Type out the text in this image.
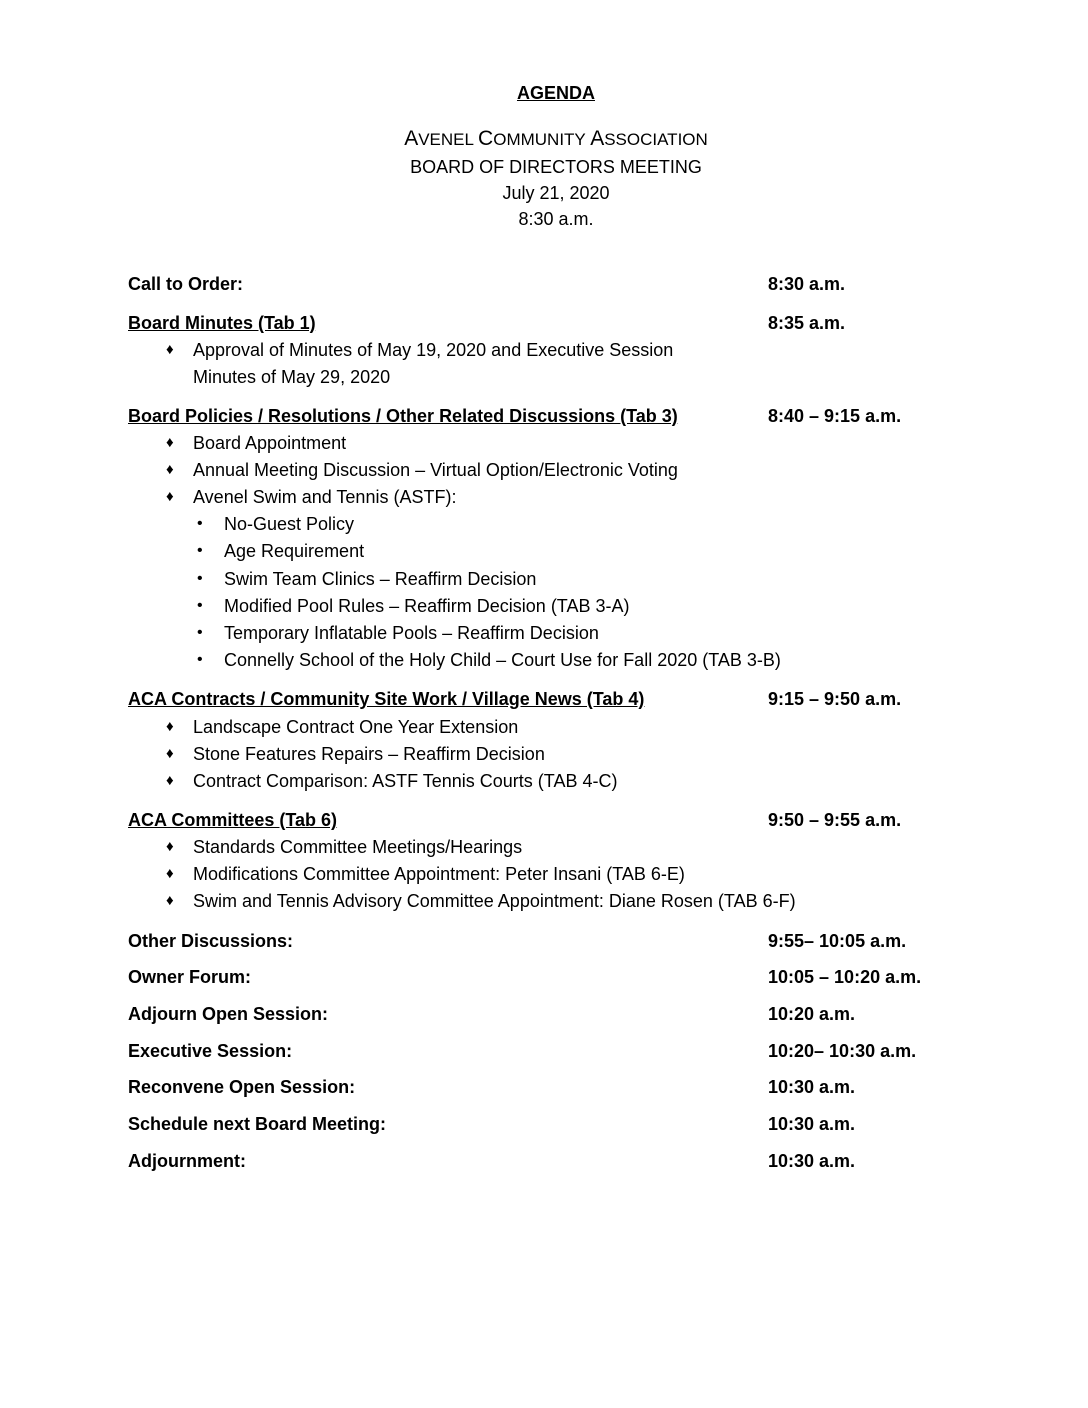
AGENDA
AVENEL COMMUNITY ASSOCIATION
BOARD OF DIRECTORS MEETING
July 21, 2020
8:30 a.m.
Call to Order:	8:30 a.m.
Board Minutes (Tab 1)	8:35 a.m.
♦ Approval of Minutes of May 19, 2020 and Executive Session
Minutes of May 29, 2020
Board Policies / Resolutions / Other Related Discussions (Tab 3)	8:40 – 9:15 a.m.
♦ Board Appointment
♦ Annual Meeting Discussion – Virtual Option/Electronic Voting
♦ Avenel Swim and Tennis (ASTF):
• No-Guest Policy
• Age Requirement
• Swim Team Clinics – Reaffirm Decision
• Modified Pool Rules – Reaffirm Decision (TAB 3-A)
• Temporary Inflatable Pools – Reaffirm Decision
• Connelly School of the Holy Child – Court Use for Fall 2020 (TAB 3-B)
ACA Contracts / Community Site Work / Village News (Tab 4)	9:15 – 9:50 a.m.
♦ Landscape Contract One Year Extension
♦ Stone Features Repairs – Reaffirm Decision
♦ Contract Comparison: ASTF Tennis Courts (TAB 4-C)
ACA Committees (Tab 6)	9:50 – 9:55 a.m.
♦ Standards Committee Meetings/Hearings
♦ Modifications Committee Appointment: Peter Insani (TAB 6-E)
♦ Swim and Tennis Advisory Committee Appointment: Diane Rosen (TAB 6-F)
Other Discussions:	9:55– 10:05 a.m.
Owner Forum:	10:05 – 10:20 a.m.
Adjourn Open Session:	10:20 a.m.
Executive Session:	10:20– 10:30 a.m.
Reconvene Open Session:	10:30 a.m.
Schedule next Board Meeting:	10:30 a.m.
Adjournment:	10:30 a.m.
